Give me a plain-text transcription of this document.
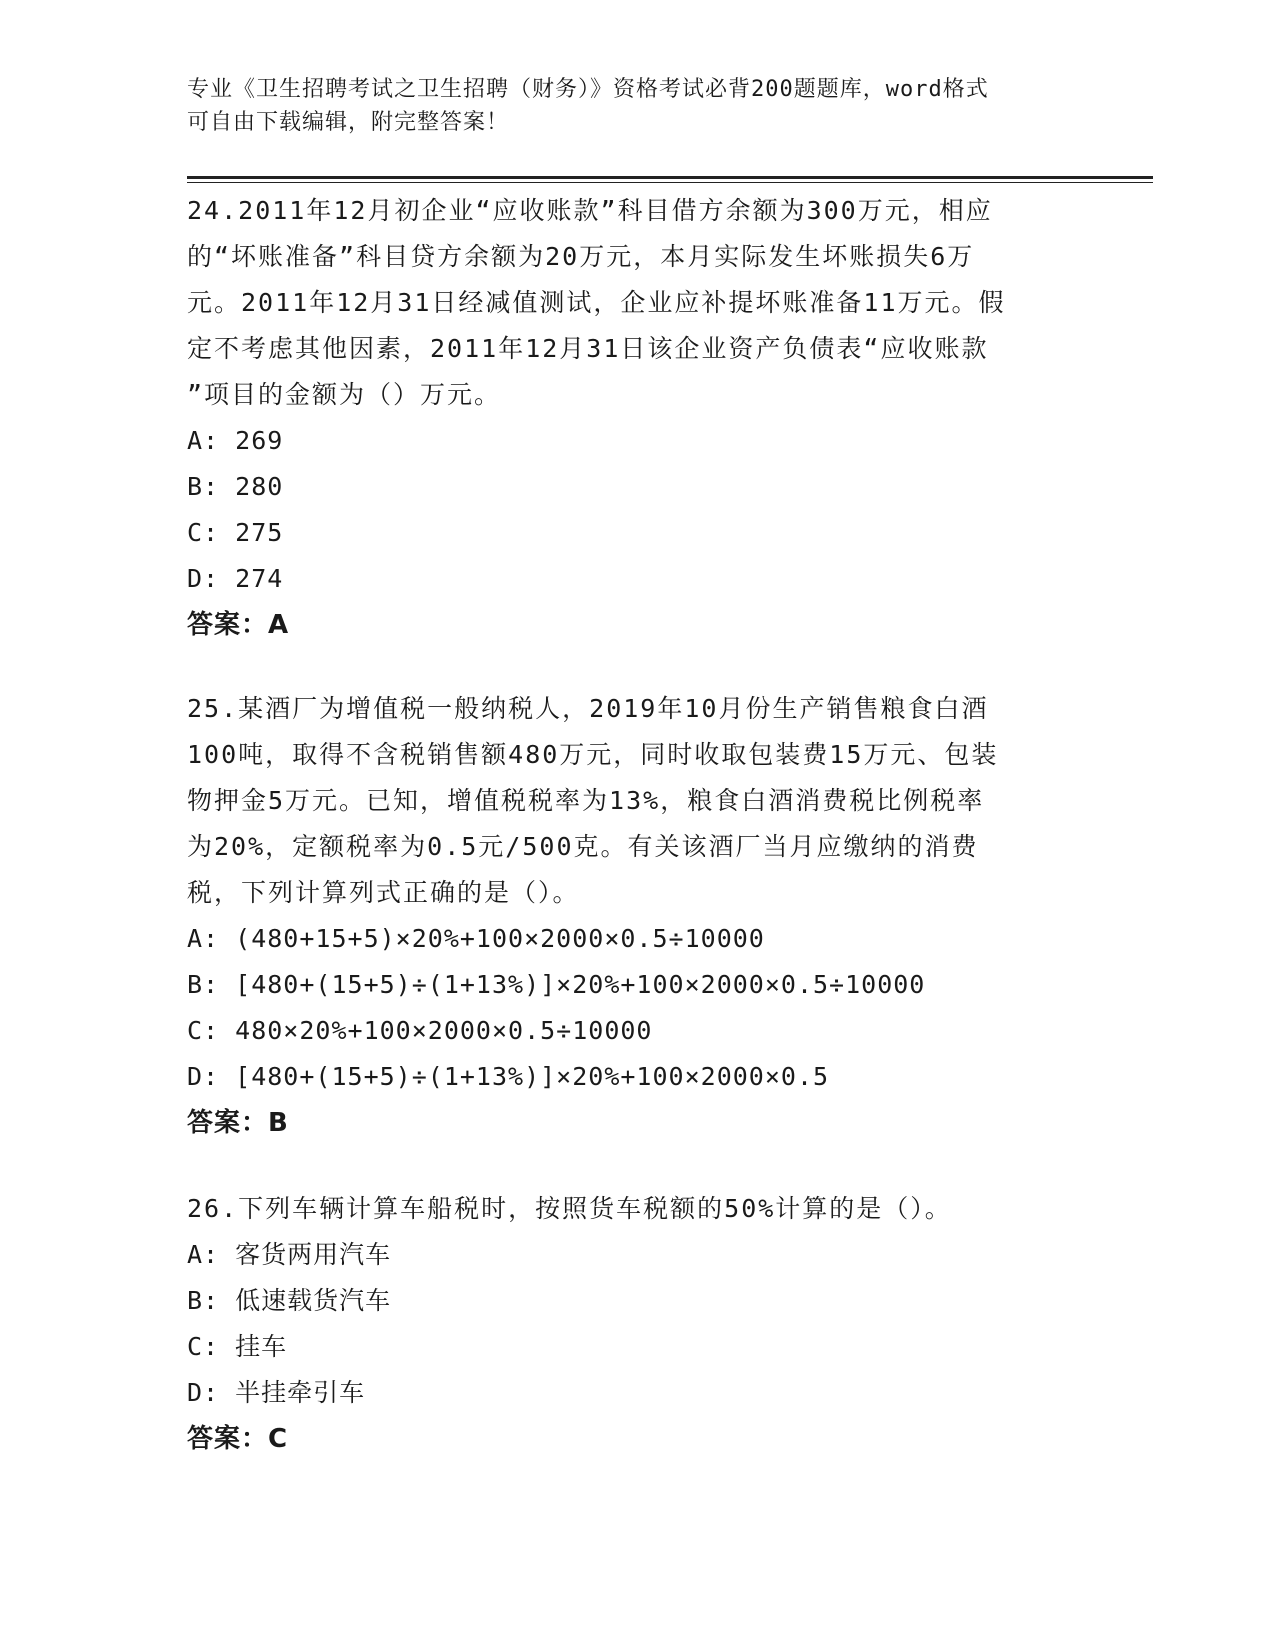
专业《卫生招聘考试之卫生招聘（财务）》资格考试必背200题题库，word格式
可自由下载编辑，附完整答案！

24.2011年12月初企业“应收账款”科目借方余额为300万元，相应
的“坏账准备”科目贷方余额为20万元，本月实际发生坏账损失6万
元。2011年12月31日经减值测试，企业应补提坏账准备11万元。假
定不考虑其他因素，2011年12月31日该企业资产负债表“应收账款
”项目的金额为（）万元。

A: 269
B: 280
C: 275
D: 274
答案：A

25.某酒厂为增值税一般纳税人，2019年10月份生产销售粮食白酒
100吨，取得不含税销售额480万元，同时收取包装费15万元、包装
物押金5万元。已知，增值税税率为13%，粮食白酒消费税比例税率
为20%，定额税率为0.5元/500克。有关该酒厂当月应缴纳的消费
税，下列计算列式正确的是（）。

A: (480+15+5)×20%+100×2000×0.5÷10000
B: [480+(15+5)÷(1+13%)]×20%+100×2000×0.5÷10000
C: 480×20%+100×2000×0.5÷10000
D: [480+(15+5)÷(1+13%)]×20%+100×2000×0.5
答案：B

26.下列车辆计算车船税时，按照货车税额的50%计算的是（）。

A: 客货两用汽车
B: 低速载货汽车
C: 挂车
D: 半挂牵引车
答案：C
